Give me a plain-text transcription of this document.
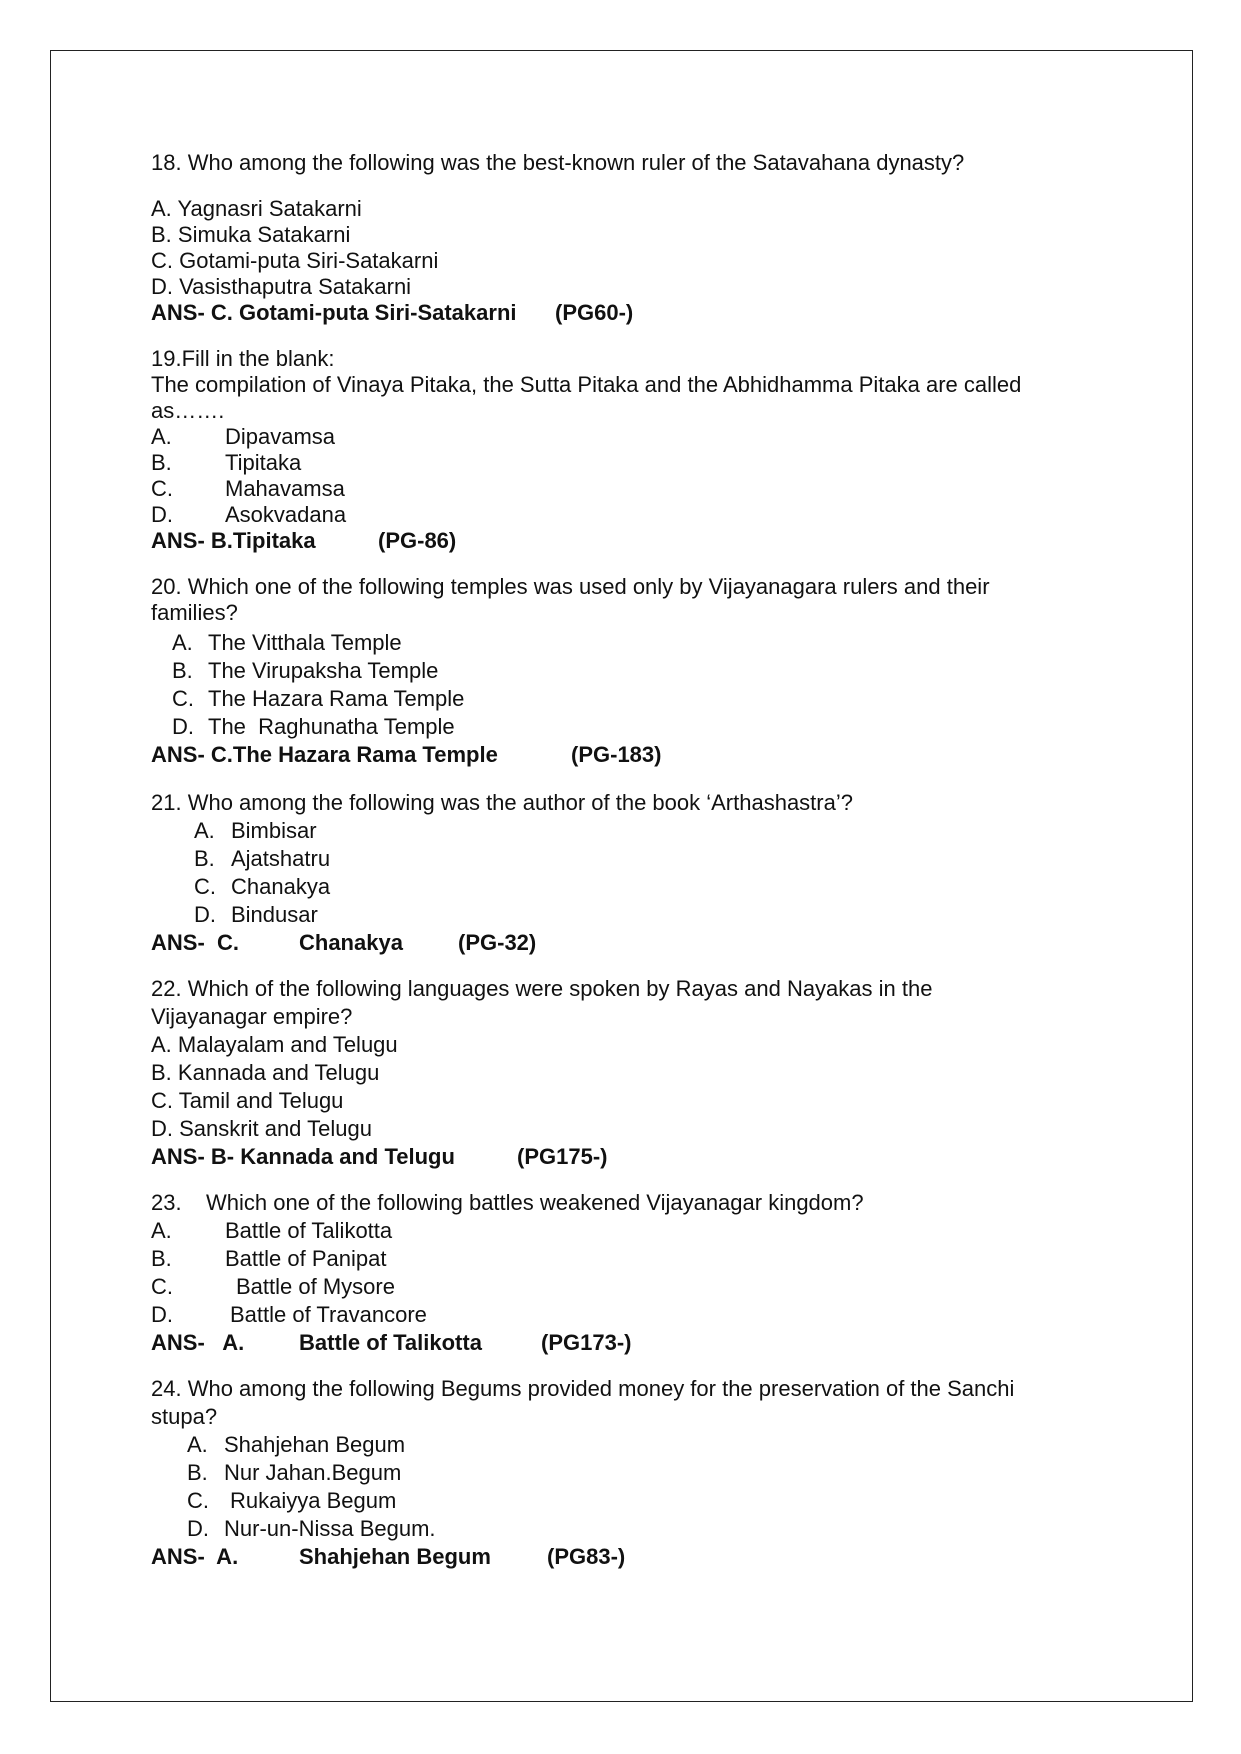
18. Who among the following was the best-known ruler of the Satavahana dynasty?
A. Yagnasri Satakarni
B. Simuka Satakarni
C. Gotami-puta Siri-Satakarni
D. Vasisthaputra Satakarni
ANS- C. Gotami-puta Siri-Satakarni (PG60-)
19.Fill in the blank:
The compilation of Vinaya Pitaka, the Sutta Pitaka and the Abhidhamma Pitaka are called
as…….
A. Dipavamsa
B. Tipitaka
C. Mahavamsa
D. Asokvadana
ANS- B.Tipitaka	(PG-86)
20. Which one of the following temples was used only by Vijayanagara rulers and their
families?
A. The Vitthala Temple
B. The Virupaksha Temple
C. The Hazara Rama Temple
D. The  Raghunatha Temple
ANS- C.The Hazara Rama Temple	(PG-183)
21. Who among the following was the author of the book ‘Arthashastra’?
A. Bimbisar
B. Ajatshatru
C. Chanakya
D. Bindusar
ANS-  C.	Chanakya	(PG-32)
22. Which of the following languages were spoken by Rayas and Nayakas in the
Vijayanagar empire?
A. Malayalam and Telugu
B. Kannada and Telugu
C. Tamil and Telugu
D. Sanskrit and Telugu
ANS- B- Kannada and Telugu	(PG175-)
23.    Which one of the following battles weakened Vijayanagar kingdom?
A. Battle of Talikotta
B. Battle of Panipat
C.	Battle of Mysore
D.	Battle of Travancore
ANS-   A. Battle of Talikotta	(PG173-)
24. Who among the following Begums provided money for the preservation of the Sanchi
stupa?
A. Shahjehan Begum
B. Nur Jahan.Begum
C. Rukaiyya Begum
D. Nur-un-Nissa Begum.
ANS-  A.	Shahjehan Begum	(PG83-)
